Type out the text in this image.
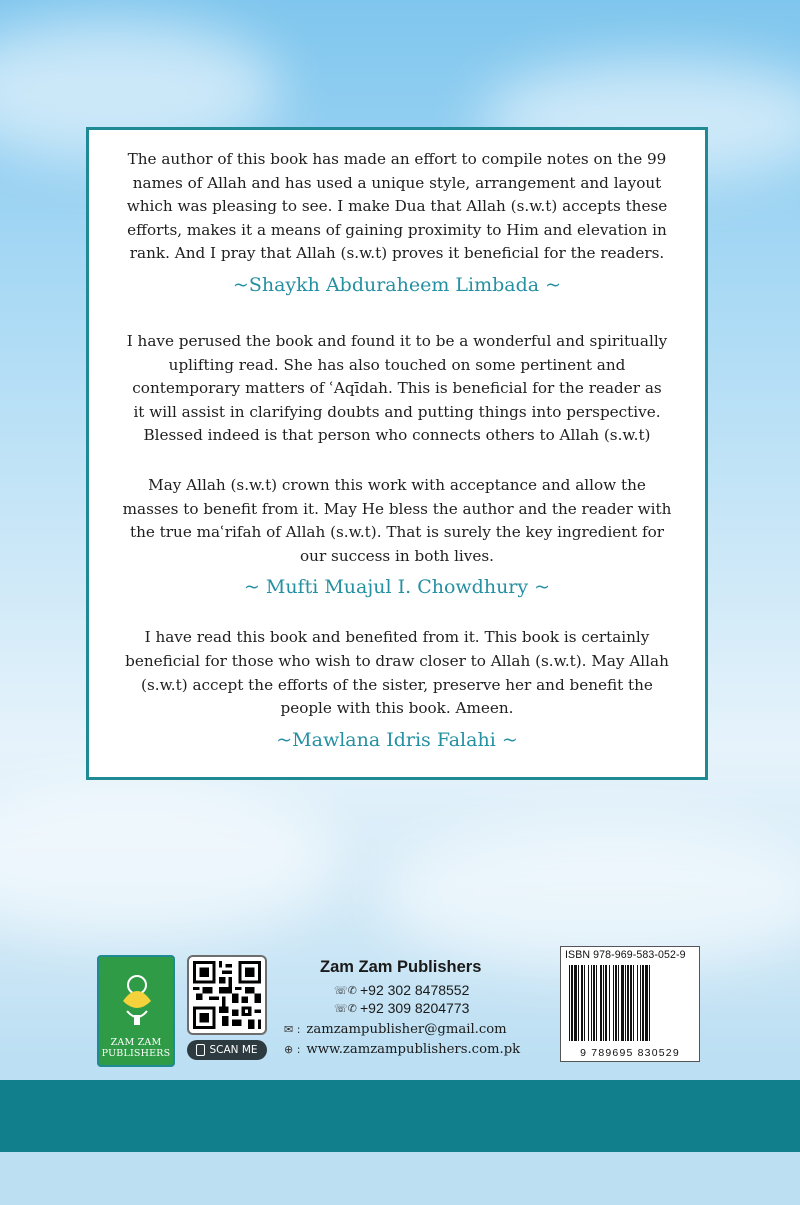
The author of this book has made an effort to compile notes on the 99

names of Allah and has used a unique style, arrangement and layout

which was pleasing to see. I make Dua that Allah (s.w.t) accepts these

efforts, makes it a means of gaining proximity to Him and elevation in

rank. And I pray that Allah (s.w.t) proves it beneficial for the readers.

~Shaykh Abduraheem Limbada ~

I have perused the book and found it to be a wonderful and spiritually

uplifting read. She has also touched on some pertinent and

contemporary matters of ʿAqīdah. This is beneficial for the reader as

it will assist in clarifying doubts and putting things into perspective.

Blessed indeed is that person who connects others to Allah (s.w.t)

May Allah (s.w.t) crown this work with acceptance and allow the

masses to benefit from it. May He bless the author and the reader with

the true maʿrifah of Allah (s.w.t). That is surely the key ingredient for

our success in both lives.

~ Mufti Muajul I. Chowdhury ~

I have read this book and benefited from it. This book is certainly

beneficial for those who wish to draw closer to Allah (s.w.t). May Allah

(s.w.t) accept the efforts of the sister, preserve her and benefit the

people with this book. Ameen.

~Mawlana Idris Falahi ~

ZAM ZAM
PUBLISHERS	SCAN ME
Zam Zam Publishers
☏✆ +92 302 8478552
☏✆ +92 309 8204773
✉ : zamzampublisher@gmail.com
⊕ : www.zamzampublishers.com.pk
ISBN 978-969-583-052-9
9 789695 830529
